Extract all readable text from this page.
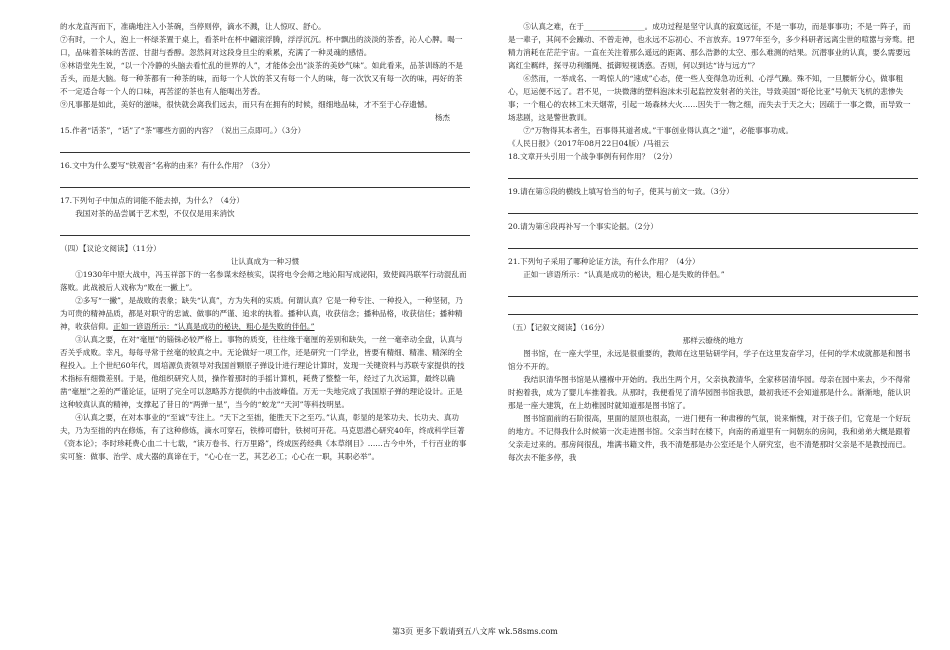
的水龙直泻而下，准确地注入小茶碗，当停则停，滴水不溅，让人惊叹、舒心。

⑦有时，一个人，泡上一杯绿茶置于桌上，看茶叶在杯中翩滚浮腾，浮浮沉沉。杯中飘出的淡淡的茶香，沁人心脾。喝一口，品味着茶味的苦涩、甘甜与香醇。忽然间对这段身旦尘的乘累，充满了一种灵魂的感悟。

⑧林语堂先生说，“以一个冷静的头脑去看忙乱的世界的人”，才能体会出“淡茶的美妙气味”。如此看来，品茶训练的不是舌头，而是大脑。每一种茶都有一种茶的味，而每一个人饮的茶又有每一个人的味，每一次饮又有每一次的味，再好的茶不一定适合每一个人的口味，再苦涩的茶也有人能喝出芳香。

⑨凡事都是如此，美好的滋味，很快就会离我们远去，而只有在拥有的时候，细细地品味，才不至于心存遗憾。

杨杰

15.作者“话茶”，“话”了“茶”哪些方面的内容？（说出三点即可。）（3分）

16.文中为什么要写“铁观音”名称的由来？有什么作用？（3分）

17.下列句子中加点的词能不能去掉，为什么？（4分）

我国对茶的品尝属于艺术型，不仅仅是用来消饮

（四）【议论文阅读】（11分）

让认真成为一种习惯

①1930年中原大战中，冯玉祥部下的一名参谋未经核实，误将电令会师之地沁阳写成泌阳，致使阎冯联军行动混乱而落败。此战被后人戏称为“败在一撇上”。

②多写“一撇”，是战败的表象；缺失“认真”，方为失利的实质。何谓认真？它是一种专注、一种投入，一种坚韧，乃为可贵的精神品质，都是对职守的忠诚、做事的严谨、追求的执着。播种认真，收获信念；播种品格，收获信任；播种精神，收获信仰。正如一谚语所示：“认真是成功的秘诀，粗心是失败的伴侣。”

③认真之要，在对“毫厘”的锱铢必较严格上。事物的质变，往往缘于毫厘的差别和缺失，一丝一毫牵动全盘，认真与否关乎成败。幸凡，每每寻常于丝毫的较真之中。无论做好一项工作，还是研究一门学业，皆要有精细、精准、精深的全程投入。上个世纪60年代，周培源负责领导对我国首颗原子弹设计进行理论计算时，发现一关键资料与苏联专家提供的技术指标有细微差别。于是，他组织研究人员，操作着那时的手摇计算机，耗费了整整一年，经过了九次运算，最终以确凿“毫厘”之差的严谨论证，证明了完全可以忽略苏方提供的中击波峰值。万无一失地完成了我国原子弹的理论设计。正是这种较真认真的精神，支撑起了昔日的“两弹一星”，当今的“蛟龙”“天河”等科技明星。

④认真之要，在对本事业的“至诚”专注上。“天下之至拙，能胜天下之至巧。”认真，彰显的是笨功夫、长功夫、真功夫，乃为至拙的内在修炼，有了这种修炼，滴水可穿石，铁棒可磨针，铁树可开花。马克思潜心研究40年，终成科学巨著《资本论》；李时珍耗费心血二十七载，“读万卷书、行万里路”，终成医药经典《本草纲目》……古今中外，千行百业的事实可鉴：做事、治学、成大器的真谛在于，“心心在一艺，其艺必工；心心在一职，其职必举”。

⑤认真之难，在于________________。成功过程是坚守认真的寂寞远征，不是一事功，而是事事功；不是一阵子，而是一辈子，其间不会躁动、不曾走神，也永远不忘初心、不言放弃。1977年至今，多少科研者远离尘世的喧嚣与旁骛。把精力消耗在茫茫宇宙。一直在关注着那么遥远的距离、那么浩渺的太空、那么难测的结果。沉潜事业的认真，要么需要远离红尘羁绊，探寻功利缰绳、抵御短视诱惑。否则，何以到达“诗与远方”？

⑥然而，一举成名、一鸣惊人的“速成”心态，使一些人变得急功近利、心浮气躁。殊不知，一旦腰斩分心，做事粗心，厄运便不远了。君不见，一块微薄的塑料泡沫未引起监控发射者的关注，导致美国“哥伦比亚”号航天飞机的悲惨失事；一个粗心的农林工未天烟蒂，引起一场森林大火……因失于一物之细，而失去于天之大；因疏于一事之微，而导致一场悲剧，这是警世教训。

⑦“万物得其本者生，百事得其道者成。”干事创业得认真之“道”，必能事事功成。

《人民日报》（2017年08月22日04版）/马祖云

18.文章开头引用一个战争事例有何作用？（2分）

19.请在第⑤段的横线上填写恰当的句子，使其与前文一致。（3分）

20.请为第④段再补写一个事实论据。（2分）

21.下列句子采用了哪种论证方法，有什么作用？（4分）

正如一谚语所示：“认真是成功的秘诀，粗心是失败的伴侣。”

（五）【记叙文阅读】（16分）

那样云缭绕的地方

图书馆，在一座大学里，永远是很重要的，教师在这里钻研学问，学子在这里发奋学习，任何的学术成就都是和图书馆分不开的。

我结识清华图书馆是从襁褓中开始的。我出生两个月，父亲执教清华，全家移居清华园。母亲在园中来去，少不得常时抱着我，成为了婴儿车推着我。从那时，我便看见了清华园图书馆我思，最初我还不会知道那是什么。渐渐地，能认识那是一座大建筑，在上幼稚园时就知道那是图书馆了。

图书馆面前的石阶很高，里面的屋顶也很高，一进门便有一种肃穆的气氛，说来惭愧，对于孩子们，它竟是一个好玩的地方。不记得我什么时候第一次走进图书馆。父亲当时在楼下，向南的甬道里有一间朝东的房间，我和弟弟大概是跟着父亲走过来的。那房间很乱，堆满书籍文件，我不清楚那是办公室还是个人研究室，也不清楚那时父亲是不是教授而已。每次去不能多停，我

第3页 更多下载请到五八文库 wk.58sms.com
